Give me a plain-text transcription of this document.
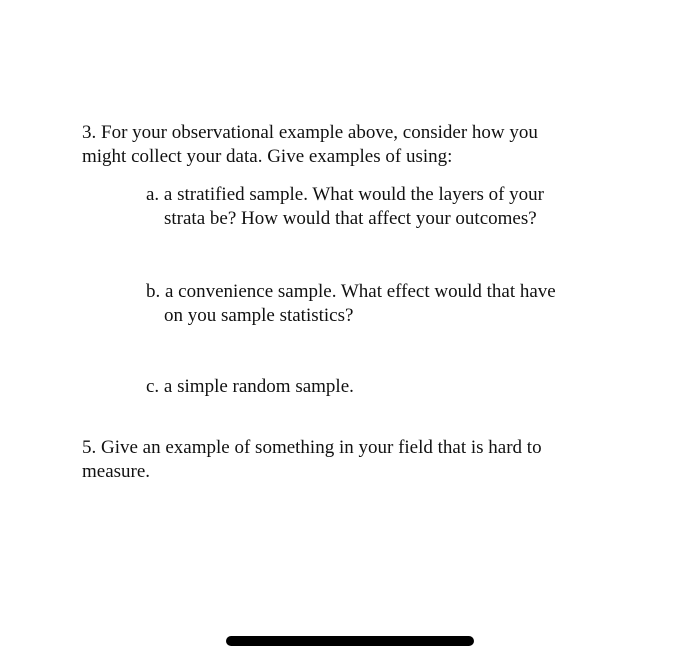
3. For your observational example above, consider how you
might collect your data. Give examples of using:

a. a stratified sample. What would the layers of your
strata be? How would that affect your outcomes?

b. a convenience sample. What effect would that have
on you sample statistics?

c. a simple random sample.

5. Give an example of something in your field that is hard to
measure.
